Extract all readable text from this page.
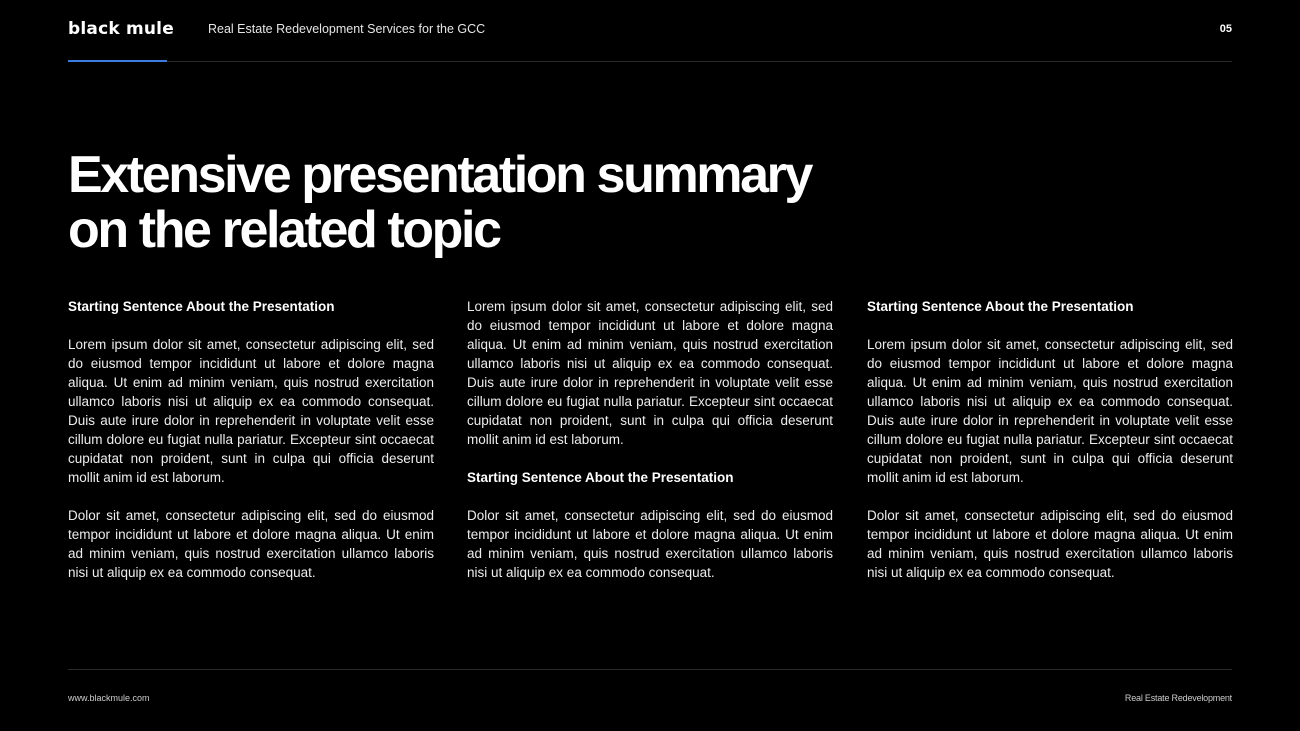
black mule	Real Estate Redevelopment Services for the GCC	05
Extensive presentation summary
on the related topic
Starting Sentence About the Presentation

Lorem ipsum dolor sit amet, consectetur adipiscing elit, sed do eiusmod tempor incididunt ut labore et dolore magna aliqua. Ut enim ad minim veniam, quis nostrud exercitation ullamco laboris nisi ut aliquip ex ea commodo consequat. Duis aute irure dolor in reprehenderit in voluptate velit esse cillum dolore eu fugiat nulla pariatur. Excepteur sint occaecat cupidatat non proident, sunt in culpa qui officia deserunt mollit anim id est laborum.

Dolor sit amet, consectetur adipiscing elit, sed do eiusmod tempor incididunt ut labore et dolore magna aliqua. Ut enim ad minim veniam, quis nostrud exercitation ullamco laboris nisi ut aliquip ex ea commodo consequat.

Lorem ipsum dolor sit amet, consectetur adipiscing elit, sed do eiusmod tempor incididunt ut labore et dolore magna aliqua. Ut enim ad minim veniam, quis nostrud exercitation ullamco laboris nisi ut aliquip ex ea commodo consequat. Duis aute irure dolor in reprehenderit in voluptate velit esse cillum dolore eu fugiat nulla pariatur. Excepteur sint occaecat cupidatat non proident, sunt in culpa qui officia deserunt mollit anim id est laborum.

Starting Sentence About the Presentation

Dolor sit amet, consectetur adipiscing elit, sed do eiusmod tempor incididunt ut labore et dolore magna aliqua. Ut enim ad minim veniam, quis nostrud exercitation ullamco laboris nisi ut aliquip ex ea commodo consequat.

Starting Sentence About the Presentation

Lorem ipsum dolor sit amet, consectetur adipiscing elit, sed do eiusmod tempor incididunt ut labore et dolore magna aliqua. Ut enim ad minim veniam, quis nostrud exercitation ullamco laboris nisi ut aliquip ex ea commodo consequat. Duis aute irure dolor in reprehenderit in voluptate velit esse cillum dolore eu fugiat nulla pariatur. Excepteur sint occaecat cupidatat non proident, sunt in culpa qui officia deserunt mollit anim id est laborum.

Dolor sit amet, consectetur adipiscing elit, sed do eiusmod tempor incididunt ut labore et dolore magna aliqua. Ut enim ad minim veniam, quis nostrud exercitation ullamco laboris nisi ut aliquip ex ea commodo consequat.

www.blackmule.com	Real Estate Redevelopment
